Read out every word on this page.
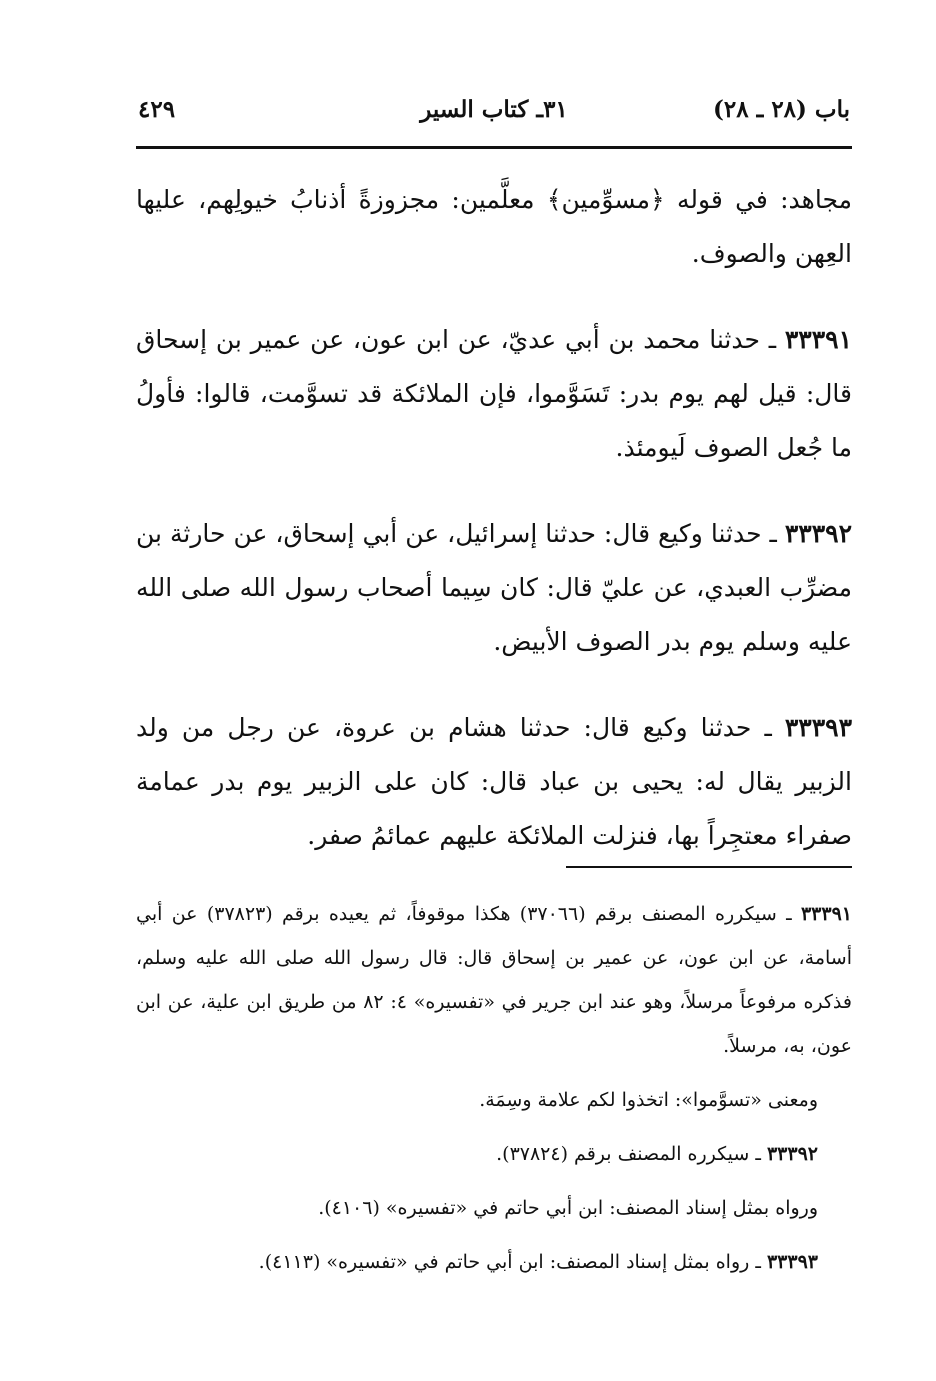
باب (٢٨ ـ ٢٨)
٣١ـ كتاب السير
٤٢٩

مجاهد: في قوله ﴿مسوِّمين﴾ معلَّمين: مجزوزةً أذنابُ خيولِهم، عليها العِهن والصوف.

٣٣٣٩١ ـ حدثنا محمد بن أبي عديّ، عن ابن عون، عن عمير بن إسحاق قال: قيل لهم يوم بدر: تَسَوَّموا، فإن الملائكة قد تسوَّمت، قالوا: فأولُ ما جُعل الصوف لَيومئذ.

٣٣٣٩٢ ـ حدثنا وكيع قال: حدثنا إسرائيل، عن أبي إسحاق، عن حارثة بن مضرِّب العبدي، عن عليّ قال: كان سِيما أصحاب رسول الله صلى الله عليه وسلم يوم بدر الصوف الأبيض.

٣٣٣٩٣ ـ حدثنا وكيع قال: حدثنا هشام بن عروة، عن رجل من ولد الزبير يقال له: يحيى بن عباد قال: كان على الزبير يوم بدر عمامة صفراء معتجِراً بها، فنزلت الملائكة عليهم عمائمُ صفر.

٣٣٣٩١ ـ سيكرره المصنف برقم (٣٧٠٦٦) هكذا موقوفاً، ثم يعيده برقم (٣٧٨٢٣) عن أبي أسامة، عن ابن عون، عن عمير بن إسحاق قال: قال رسول الله صلى الله عليه وسلم، فذكره مرفوعاً مرسلاً، وهو عند ابن جرير في «تفسيره» ٤: ٨٢ من طريق ابن علية، عن ابن عون، به، مرسلاً.

ومعنى «تسوَّموا»: اتخذوا لكم علامة وسِمَة.

٣٣٣٩٢ ـ سيكرره المصنف برقم (٣٧٨٢٤).

ورواه بمثل إسناد المصنف: ابن أبي حاتم في «تفسيره» (٤١٠٦).

٣٣٣٩٣ ـ رواه بمثل إسناد المصنف: ابن أبي حاتم في «تفسيره» (٤١١٣).
